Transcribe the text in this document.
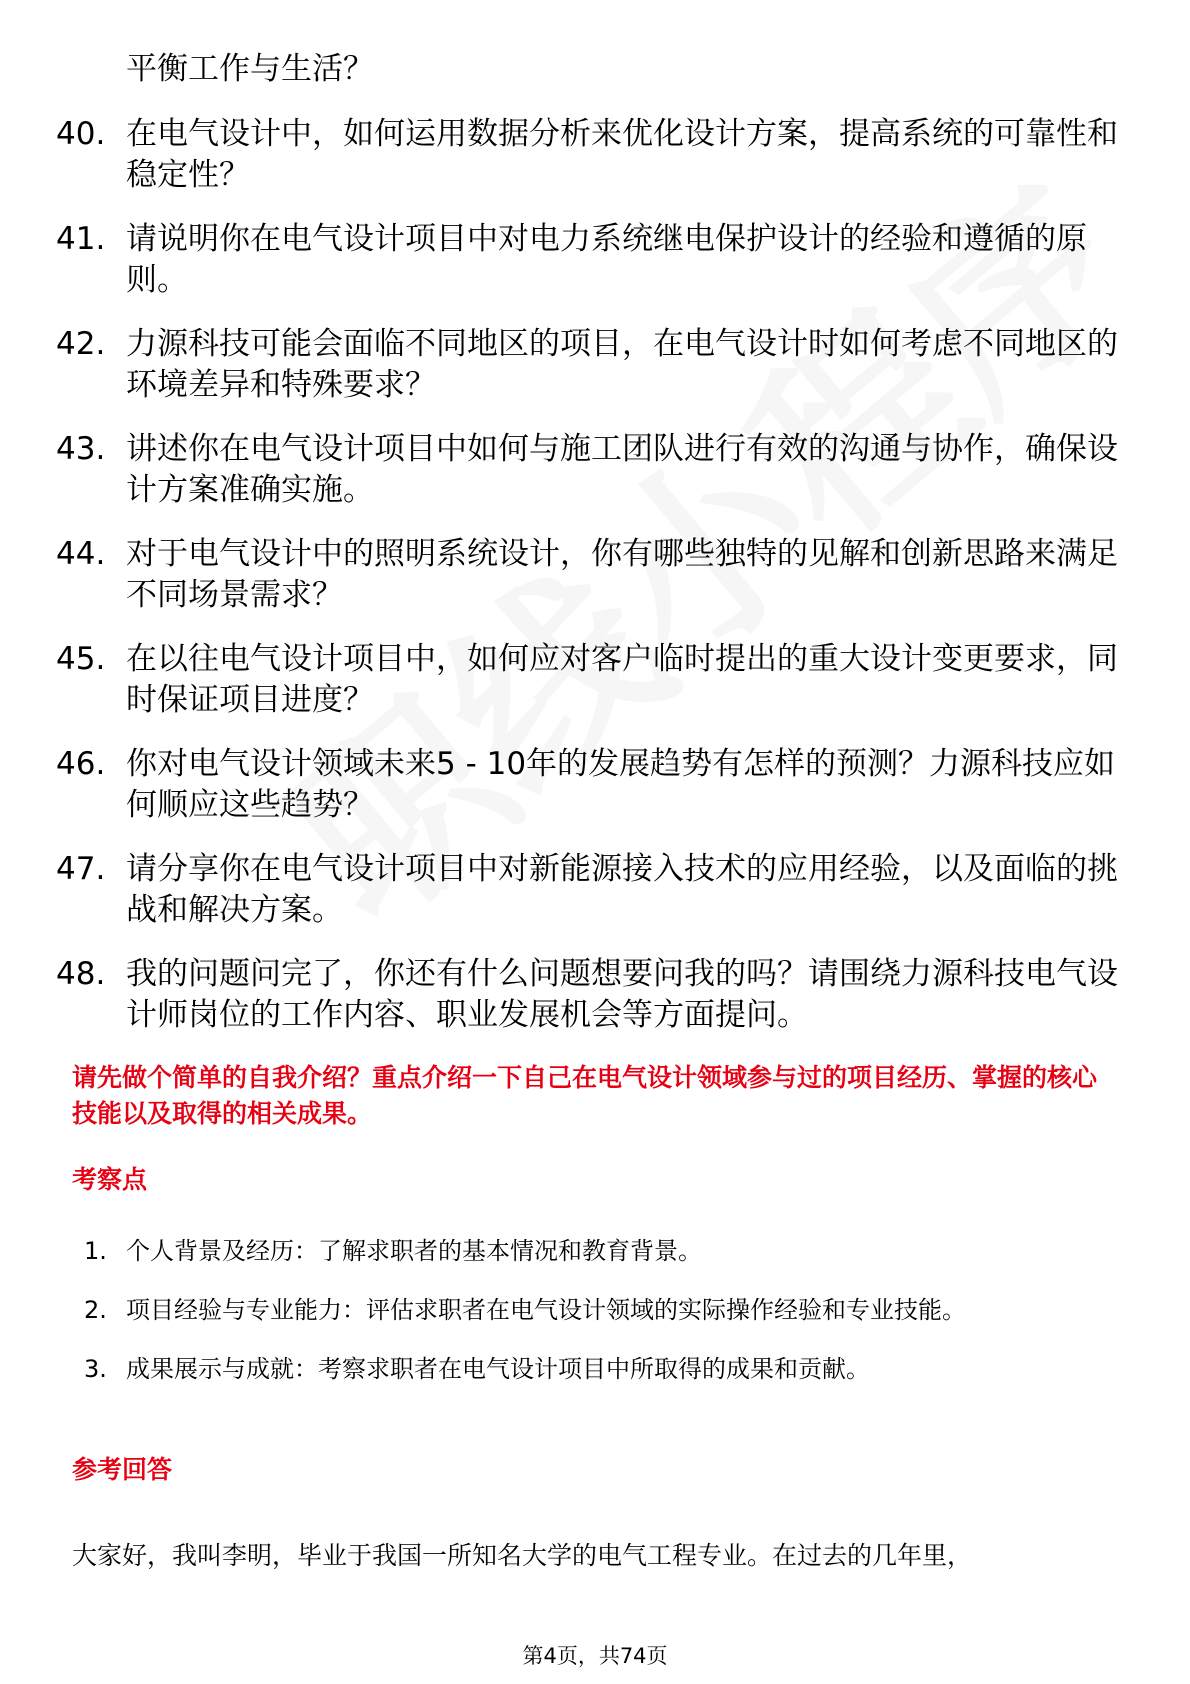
平衡工作与生活？
40. 在电气设计中，如何运用数据分析来优化设计方案，提高系统的可靠性和稳定性？
41. 请说明你在电气设计项目中对电力系统继电保护设计的经验和遵循的原则。
42. 力源科技可能会面临不同地区的项目，在电气设计时如何考虑不同地区的环境差异和特殊要求？
43. 讲述你在电气设计项目中如何与施工团队进行有效的沟通与协作，确保设计方案准确实施。
44. 对于电气设计中的照明系统设计，你有哪些独特的见解和创新思路来满足不同场景需求？
45. 在以往电气设计项目中，如何应对客户临时提出的重大设计变更要求，同时保证项目进度？
46. 你对电气设计领域未来5 - 10年的发展趋势有怎样的预测？力源科技应如何顺应这些趋势？
47. 请分享你在电气设计项目中对新能源接入技术的应用经验，以及面临的挑战和解决方案。
48. 我的问题问完了，你还有什么问题想要问我的吗？请围绕力源科技电气设计师岗位的工作内容、职业发展机会等方面提问。
请先做个简单的自我介绍？重点介绍一下自己在电气设计领域参与过的项目经历、掌握的核心技能以及取得的相关成果。
考察点
1. 个人背景及经历：了解求职者的基本情况和教育背景。
2. 项目经验与专业能力：评估求职者在电气设计领域的实际操作经验和专业技能。
3. 成果展示与成就：考察求职者在电气设计项目中所取得的成果和贡献。
参考回答
大家好，我叫李明，毕业于我国一所知名大学的电气工程专业。在过去的几年里，
第4页，共74页
